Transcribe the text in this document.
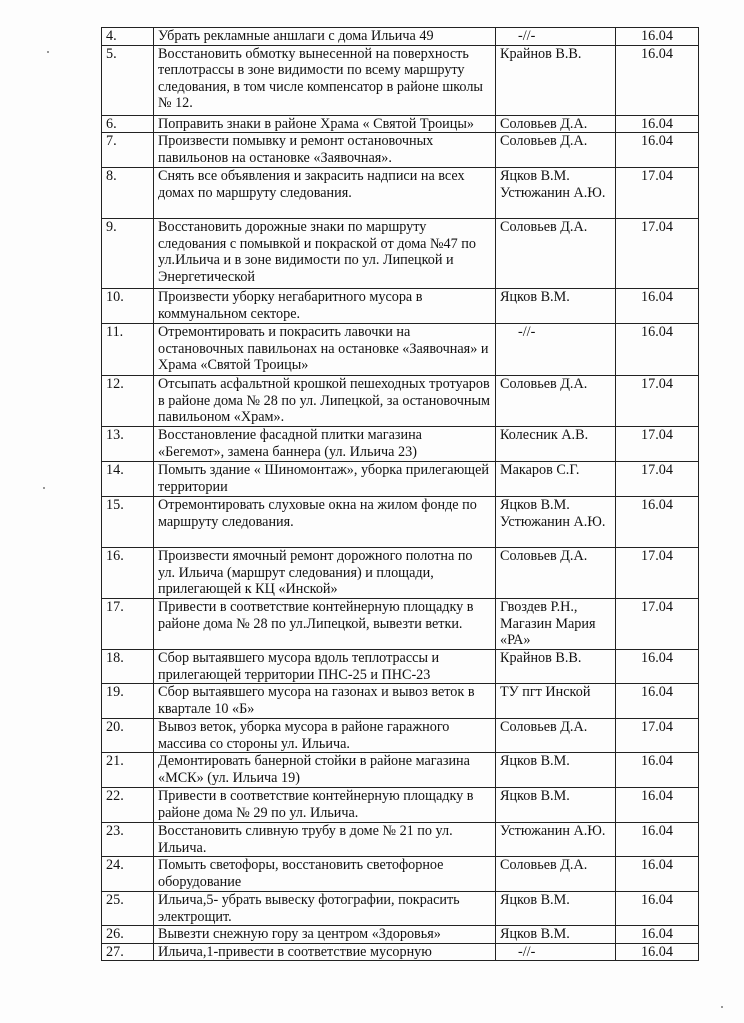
4.	Убрать рекламные аншлаги с дома Ильича 49	-//-	16.04
5.	Восстановить обмотку вынесенной на поверхность теплотрассы в зоне видимости по всему маршруту следования, в том числе компенсатор в районе школы № 12.	Крайнов В.В.	16.04
6.	Поправить знаки в районе Храма « Святой Троицы»	Соловьев Д.А.	16.04
7.	Произвести помывку и ремонт остановочных павильонов на остановке «Заявочная».	Соловьев Д.А.	16.04
8.	Снять все объявления и закрасить надписи на всех домах по маршруту следования.	Яцков В.М. Устюжанин А.Ю.	17.04
9.	Восстановить дорожные знаки по маршруту следования с помывкой и покраской от дома №47 по ул.Ильича и в зоне видимости по ул. Липецкой и Энергетической	Соловьев Д.А.	17.04
10.	Произвести уборку негабаритного мусора в коммунальном секторе.	Яцков В.М.	16.04
11.	Отремонтировать и покрасить лавочки на остановочных павильонах на остановке «Заявочная» и Храма «Святой Троицы»	-//-	16.04
12.	Отсыпать асфальтной крошкой пешеходных тротуаров в районе дома № 28 по ул. Липецкой, за остановочным павильоном «Храм».	Соловьев Д.А.	17.04
13.	Восстановление фасадной плитки магазина «Бегемот», замена баннера (ул. Ильича 23)	Колесник А.В.	17.04
14.	Помыть здание « Шиномонтаж», уборка прилегающей территории	Макаров С.Г.	17.04
15.	Отремонтировать слуховые окна на жилом фонде по маршруту следования.	Яцков В.М. Устюжанин А.Ю.	16.04
16.	Произвести ямочный ремонт дорожного полотна по ул. Ильича (маршрут следования) и площади, прилегающей к КЦ «Инской»	Соловьев Д.А.	17.04
17.	Привести в соответствие контейнерную площадку в районе дома № 28 по ул.Липецкой, вывезти ветки.	Гвоздев Р.Н., Магазин Мария «РА»	17.04
18.	Сбор вытаявшего мусора вдоль теплотрассы и прилегающей территории ПНС-25 и ПНС-23	Крайнов В.В.	16.04
19.	Сбор вытаявшего мусора на газонах и вывоз веток в квартале 10 «Б»	ТУ пгт Инской	16.04
20.	Вывоз веток, уборка мусора в районе гаражного массива со стороны ул. Ильича.	Соловьев Д.А.	17.04
21.	Демонтировать банерной стойки в районе магазина «МСК» (ул. Ильича 19)	Яцков В.М.	16.04
22.	Привести в соответствие контейнерную площадку в районе дома № 29 по ул. Ильича.	Яцков В.М.	16.04
23.	Восстановить сливную трубу в доме № 21 по ул. Ильича.	Устюжанин А.Ю.	16.04
24.	Помыть светофоры, восстановить светофорное оборудование	Соловьев Д.А.	16.04
25.	Ильича,5- убрать вывеску фотографии, покрасить электрощит.	Яцков В.М.	16.04
26.	Вывезти снежную гору за центром «Здоровья»	Яцков В.М.	16.04
27.	Ильича,1-привести в соответствие мусорную	-//-	16.04
